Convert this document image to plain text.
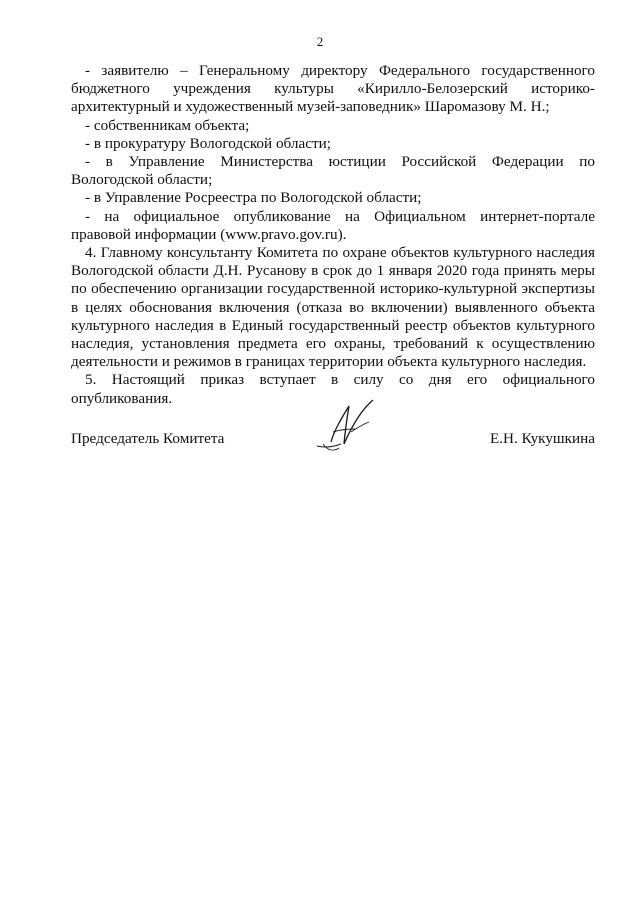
2

- заявителю – Генеральному директору Федерального государственного бюджетного учреждения культуры «Кирилло-Белозерский историко-архитектурный и художественный музей-заповедник» Шаромазову М. Н.;

- собственникам объекта;

- в прокуратуру Вологодской области;

- в Управление Министерства юстиции Российской Федерации по Вологодской области;

- в Управление Росреестра по Вологодской области;

- на официальное опубликование на Официальном интернет-портале правовой информации (www.pravo.gov.ru).

4. Главному консультанту Комитета по охране объектов культурного наследия Вологодской области Д.Н. Русанову в срок до 1 января 2020 года принять меры по обеспечению организации государственной историко-культурной экспертизы в целях обоснования включения (отказа во включении) выявленного объекта культурного наследия в Единый государственный реестр объектов культурного наследия, установления предмета его охраны, требований к осуществлению деятельности и режимов в границах территории объекта культурного наследия.

5. Настоящий приказ вступает в силу со дня его официального опубликования.

Председатель Комитета	Е.Н. Кукушкина
